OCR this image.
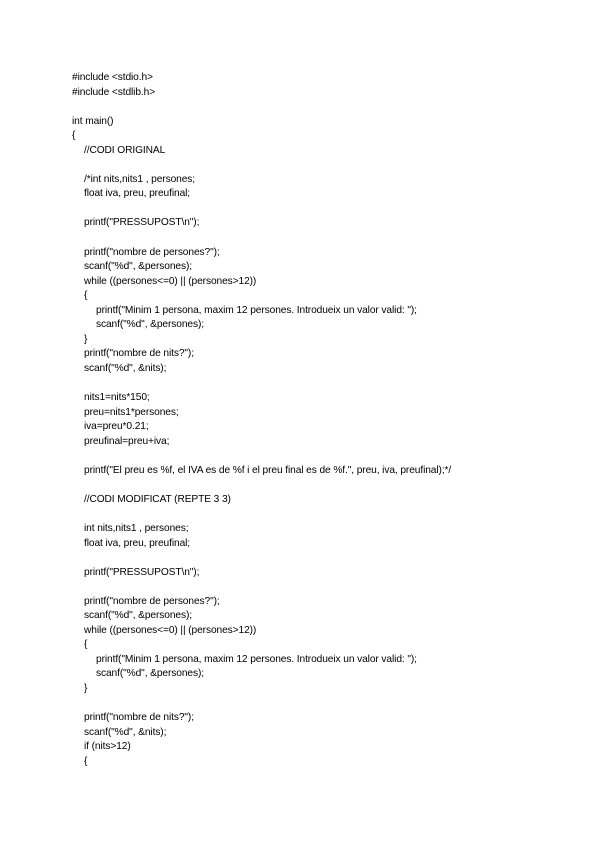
#include <stdio.h>
#include <stdlib.h>
int main()
{
//CODI ORIGINAL
/*int nits,nits1 , persones;
float iva, preu, preufinal;
printf("PRESSUPOST\n");
printf("nombre de persones?");
scanf("%d", &persones);
while ((persones<=0) || (persones>12))
{
printf("Minim 1 persona, maxim 12 persones. Introdueix un valor valid: ");
scanf("%d", &persones);
}
printf("nombre de nits?");
scanf("%d", &nits);
nits1=nits*150;
preu=nits1*persones;
iva=preu*0.21;
preufinal=preu+iva;
printf("El preu es %f, el IVA es de %f i el preu final es de %f.", preu, iva, preufinal);*/
//CODI MODIFICAT (REPTE 3 3)
int nits,nits1 , persones;
float iva, preu, preufinal;
printf("PRESSUPOST\n");
printf("nombre de persones?");
scanf("%d", &persones);
while ((persones<=0) || (persones>12))
{
printf("Minim 1 persona, maxim 12 persones. Introdueix un valor valid: ");
scanf("%d", &persones);
}
printf("nombre de nits?");
scanf("%d", &nits);
if (nits>12)
{
